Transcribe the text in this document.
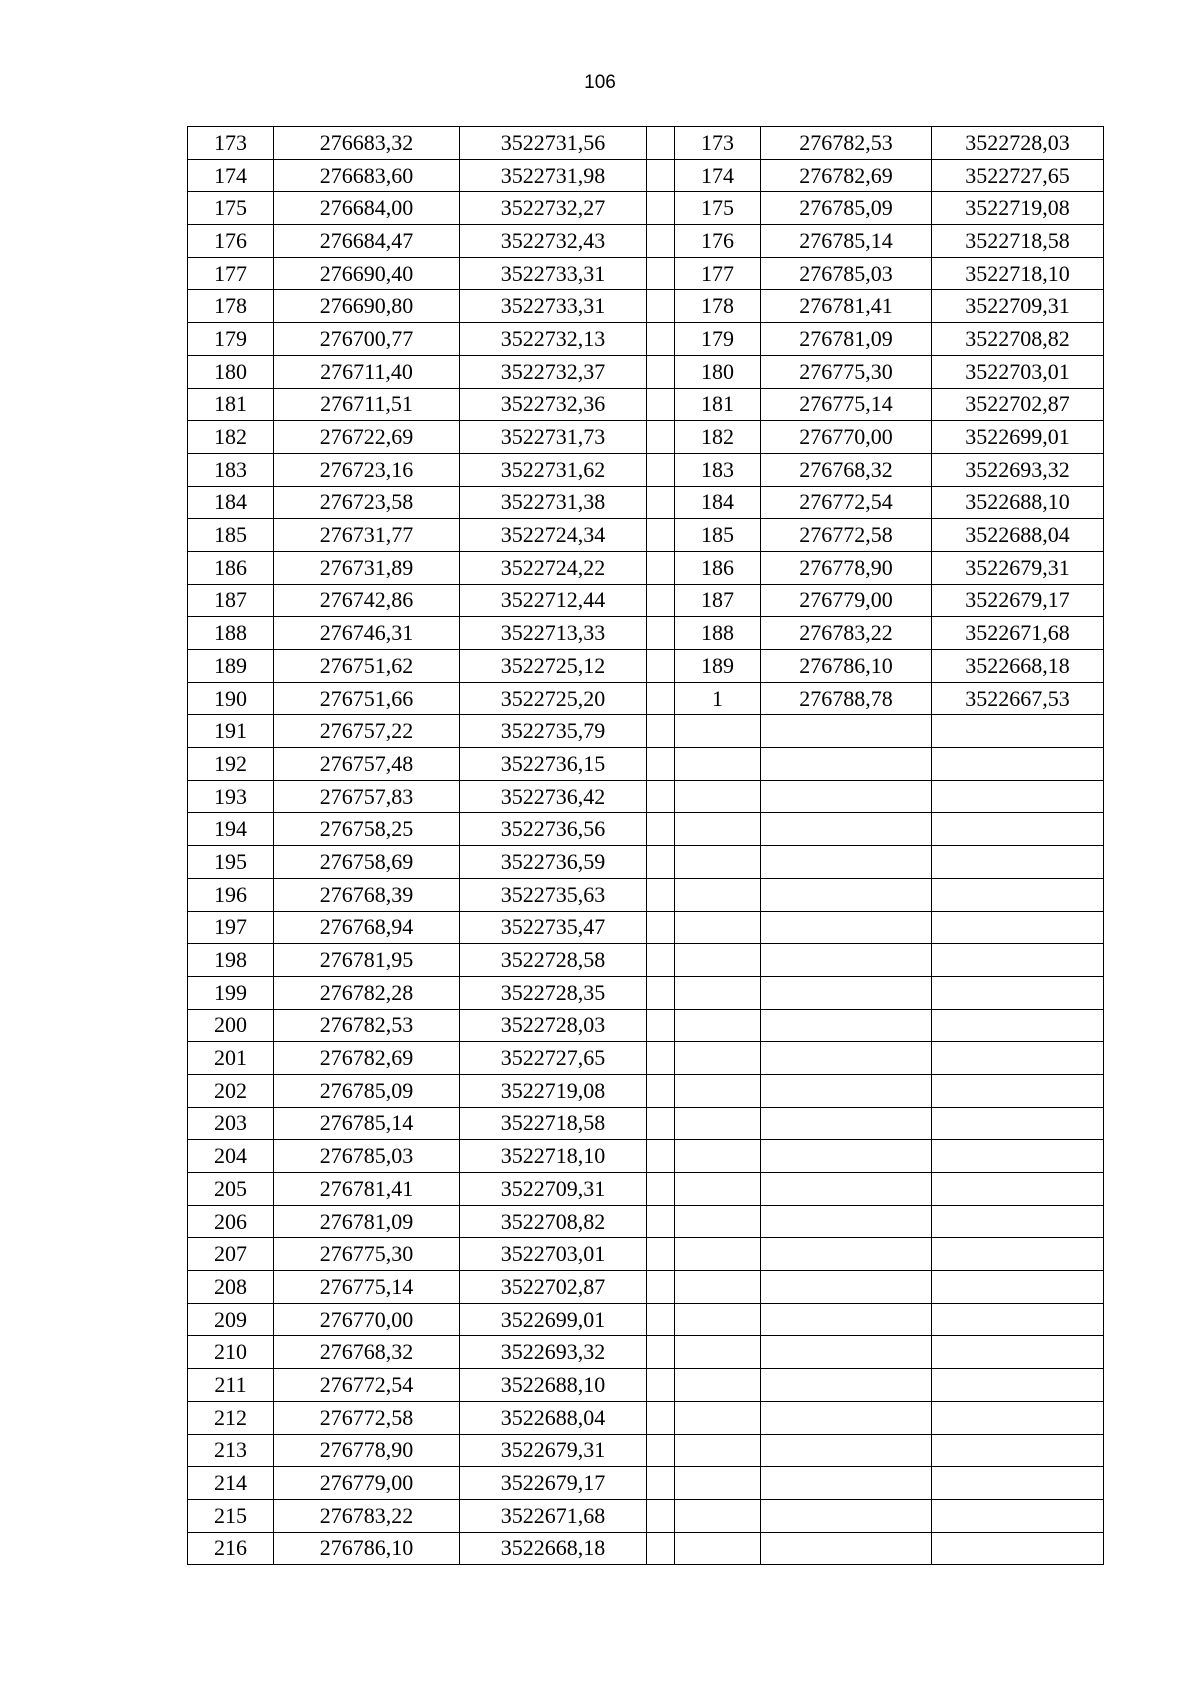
106
173	276683,32	3522731,56		173	276782,53	3522728,03
174	276683,60	3522731,98		174	276782,69	3522727,65
175	276684,00	3522732,27		175	276785,09	3522719,08
176	276684,47	3522732,43		176	276785,14	3522718,58
177	276690,40	3522733,31		177	276785,03	3522718,10
178	276690,80	3522733,31		178	276781,41	3522709,31
179	276700,77	3522732,13		179	276781,09	3522708,82
180	276711,40	3522732,37		180	276775,30	3522703,01
181	276711,51	3522732,36		181	276775,14	3522702,87
182	276722,69	3522731,73		182	276770,00	3522699,01
183	276723,16	3522731,62		183	276768,32	3522693,32
184	276723,58	3522731,38		184	276772,54	3522688,10
185	276731,77	3522724,34		185	276772,58	3522688,04
186	276731,89	3522724,22		186	276778,90	3522679,31
187	276742,86	3522712,44		187	276779,00	3522679,17
188	276746,31	3522713,33		188	276783,22	3522671,68
189	276751,62	3522725,12		189	276786,10	3522668,18
190	276751,66	3522725,20		1	276788,78	3522667,53
191	276757,22	3522735,79				
192	276757,48	3522736,15				
193	276757,83	3522736,42				
194	276758,25	3522736,56				
195	276758,69	3522736,59				
196	276768,39	3522735,63				
197	276768,94	3522735,47				
198	276781,95	3522728,58				
199	276782,28	3522728,35				
200	276782,53	3522728,03				
201	276782,69	3522727,65				
202	276785,09	3522719,08				
203	276785,14	3522718,58				
204	276785,03	3522718,10				
205	276781,41	3522709,31				
206	276781,09	3522708,82				
207	276775,30	3522703,01				
208	276775,14	3522702,87				
209	276770,00	3522699,01				
210	276768,32	3522693,32				
211	276772,54	3522688,10				
212	276772,58	3522688,04				
213	276778,90	3522679,31				
214	276779,00	3522679,17				
215	276783,22	3522671,68				
216	276786,10	3522668,18				
